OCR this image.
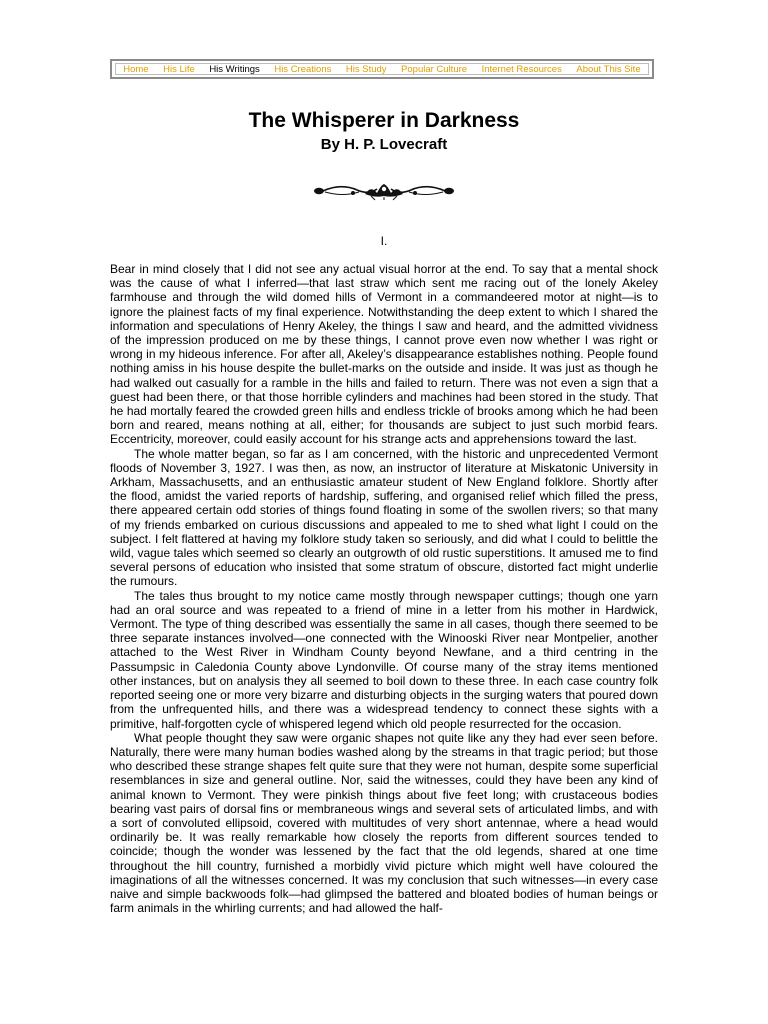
Home His Life His Writings His Creations His Study Popular Culture Internet Resources About This Site
The Whisperer in Darkness
By H. P. Lovecraft
I.

Bear in mind closely that I did not see any actual visual horror at the end. To say that a mental shock was the cause of what I inferred—that last straw which sent me racing out of the lonely Akeley farmhouse and through the wild domed hills of Vermont in a commandeered motor at night—is to ignore the plainest facts of my final experience. Notwithstanding the deep extent to which I shared the information and speculations of Henry Akeley, the things I saw and heard, and the admitted vividness of the impression produced on me by these things, I cannot prove even now whether I was right or wrong in my hideous inference. For after all, Akeley’s disappearance establishes nothing. People found nothing amiss in his house despite the bullet-marks on the outside and inside. It was just as though he had walked out casually for a ramble in the hills and failed to return. There was not even a sign that a guest had been there, or that those horrible cylinders and machines had been stored in the study. That he had mortally feared the crowded green hills and endless trickle of brooks among which he had been born and reared, means nothing at all, either; for thousands are subject to just such morbid fears. Eccentricity, moreover, could easily account for his strange acts and apprehensions toward the last.

The whole matter began, so far as I am concerned, with the historic and unprecedented Vermont floods of November 3, 1927. I was then, as now, an instructor of literature at Miskatonic University in Arkham, Massachusetts, and an enthusiastic amateur student of New England folklore. Shortly after the flood, amidst the varied reports of hardship, suffering, and organised relief which filled the press, there appeared certain odd stories of things found floating in some of the swollen rivers; so that many of my friends embarked on curious discussions and appealed to me to shed what light I could on the subject. I felt flattered at having my folklore study taken so seriously, and did what I could to belittle the wild, vague tales which seemed so clearly an outgrowth of old rustic superstitions. It amused me to find several persons of education who insisted that some stratum of obscure, distorted fact might underlie the rumours.

The tales thus brought to my notice came mostly through newspaper cuttings; though one yarn had an oral source and was repeated to a friend of mine in a letter from his mother in Hardwick, Vermont. The type of thing described was essentially the same in all cases, though there seemed to be three separate instances involved—one connected with the Winooski River near Montpelier, another attached to the West River in Windham County beyond Newfane, and a third centring in the Passumpsic in Caledonia County above Lyndonville. Of course many of the stray items mentioned other instances, but on analysis they all seemed to boil down to these three. In each case country folk reported seeing one or more very bizarre and disturbing objects in the surging waters that poured down from the unfrequented hills, and there was a widespread tendency to connect these sights with a primitive, half-forgotten cycle of whispered legend which old people resurrected for the occasion.

What people thought they saw were organic shapes not quite like any they had ever seen before. Naturally, there were many human bodies washed along by the streams in that tragic period; but those who described these strange shapes felt quite sure that they were not human, despite some superficial resemblances in size and general outline. Nor, said the witnesses, could they have been any kind of animal known to Vermont. They were pinkish things about five feet long; with crustaceous bodies bearing vast pairs of dorsal fins or membraneous wings and several sets of articulated limbs, and with a sort of convoluted ellipsoid, covered with multitudes of very short antennae, where a head would ordinarily be. It was really remarkable how closely the reports from different sources tended to coincide; though the wonder was lessened by the fact that the old legends, shared at one time throughout the hill country, furnished a morbidly vivid picture which might well have coloured the imaginations of all the witnesses concerned. It was my conclusion that such witnesses—in every case naive and simple backwoods folk—had glimpsed the battered and bloated bodies of human beings or farm animals in the whirling currents; and had allowed the half-
